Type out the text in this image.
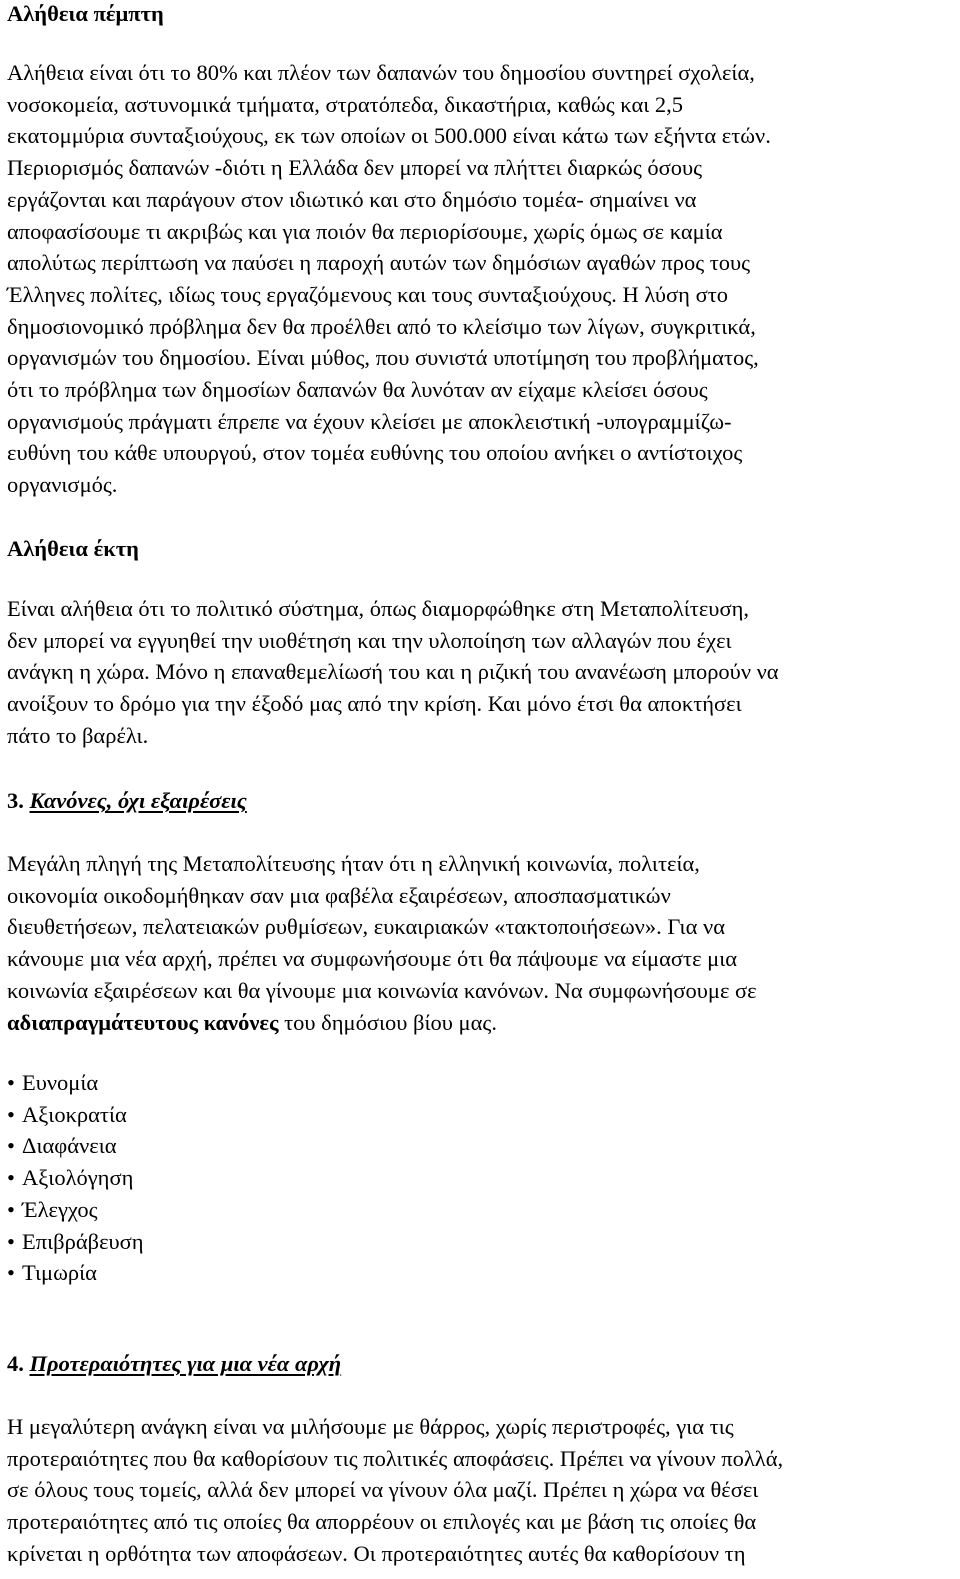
Αλήθεια πέμπτη
Αλήθεια είναι ότι το 80% και πλέον των δαπανών του δημοσίου συντηρεί σχολεία,
νοσοκομεία, αστυνομικά τμήματα, στρατόπεδα, δικαστήρια, καθώς και 2,5
εκατομμύρια συνταξιούχους, εκ των οποίων οι 500.000 είναι κάτω των εξήντα ετών.
Περιορισμός δαπανών -διότι η Ελλάδα δεν μπορεί να πλήττει διαρκώς όσους
εργάζονται και παράγουν στον ιδιωτικό και στο δημόσιο τομέα- σημαίνει να
αποφασίσουμε τι ακριβώς και για ποιόν θα περιορίσουμε, χωρίς όμως σε καμία
απολύτως περίπτωση να παύσει η παροχή αυτών των δημόσιων αγαθών προς τους
Έλληνες πολίτες, ιδίως τους εργαζόμενους και τους συνταξιούχους. Η λύση στο
δημοσιονομικό πρόβλημα δεν θα προέλθει από το κλείσιμο των λίγων, συγκριτικά,
οργανισμών του δημοσίου. Είναι μύθος, που συνιστά υποτίμηση του προβλήματος,
ότι το πρόβλημα των δημοσίων δαπανών θα λυνόταν αν είχαμε κλείσει όσους
οργανισμούς πράγματι έπρεπε να έχουν κλείσει με αποκλειστική -υπογραμμίζω-
ευθύνη του κάθε υπουργού, στον τομέα ευθύνης του οποίου ανήκει ο αντίστοιχος
οργανισμός.
Αλήθεια έκτη
Είναι αλήθεια ότι το πολιτικό σύστημα, όπως διαμορφώθηκε στη Μεταπολίτευση,
δεν μπορεί να εγγυηθεί την υιοθέτηση και την υλοποίηση των αλλαγών που έχει
ανάγκη η χώρα. Μόνο η επαναθεμελίωσή του και η ριζική του ανανέωση μπορούν να
ανοίξουν το δρόμο για την έξοδό μας από την κρίση. Και μόνο έτσι θα αποκτήσει
πάτο το βαρέλι.
3. Κανόνες, όχι εξαιρέσεις
Μεγάλη πληγή της Μεταπολίτευσης ήταν ότι η ελληνική κοινωνία, πολιτεία,
οικονομία οικοδομήθηκαν σαν μια φαβέλα εξαιρέσεων, αποσπασματικών
διευθετήσεων, πελατειακών ρυθμίσεων, ευκαιριακών «τακτοποιήσεων». Για να
κάνουμε μια νέα αρχή, πρέπει να συμφωνήσουμε ότι θα πάψουμε να είμαστε μια
κοινωνία εξαιρέσεων και θα γίνουμε μια κοινωνία κανόνων. Να συμφωνήσουμε σε
αδιαπραγμάτευτους κανόνες του δημόσιου βίου μας.
• Ευνομία
• Αξιοκρατία
• Διαφάνεια
• Αξιολόγηση
• Έλεγχος
• Επιβράβευση
• Τιμωρία
4. Προτεραιότητες για μια νέα αρχή
Η μεγαλύτερη ανάγκη είναι να μιλήσουμε με θάρρος, χωρίς περιστροφές, για τις
προτεραιότητες που θα καθορίσουν τις πολιτικές αποφάσεις. Πρέπει να γίνουν πολλά,
σε όλους τους τομείς, αλλά δεν μπορεί να γίνουν όλα μαζί. Πρέπει η χώρα να θέσει
προτεραιότητες από τις οποίες θα απορρέουν οι επιλογές και με βάση τις οποίες θα
κρίνεται η ορθότητα των αποφάσεων. Οι προτεραιότητες αυτές θα καθορίσουν τη
